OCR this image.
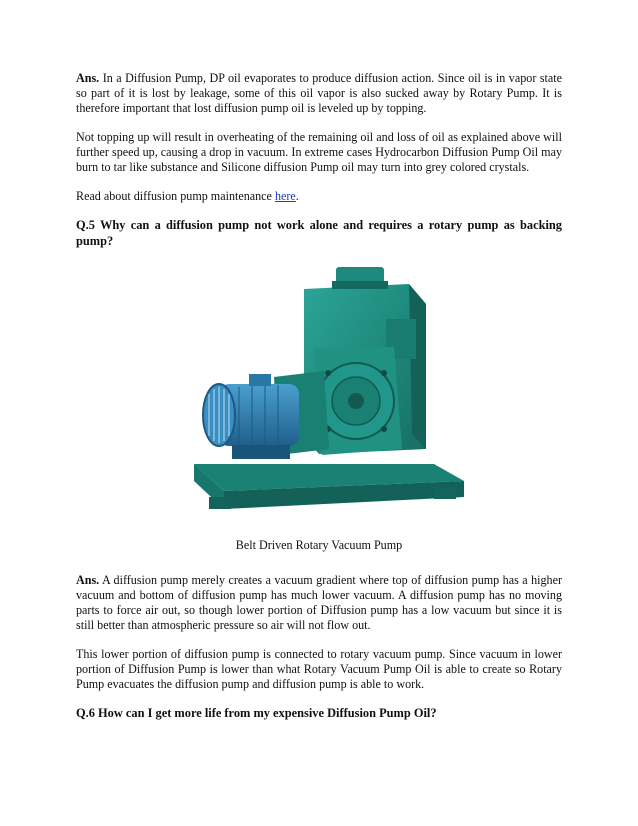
Ans. In a Diffusion Pump, DP oil evaporates to produce diffusion action. Since oil is in vapor state so part of it is lost by leakage, some of this oil vapor is also sucked away by Rotary Pump. It is therefore important that lost diffusion pump oil is leveled up by topping.

Not topping up will result in overheating of the remaining oil and loss of oil as explained above will further speed up, causing a drop in vacuum. In extreme cases Hydrocarbon Diffusion Pump Oil may burn to tar like substance and Silicone diffusion Pump oil may turn into grey colored crystals.

Read about diffusion pump maintenance here.

Q.5 Why can a diffusion pump not work alone and requires a rotary pump as backing pump?
Belt Driven Rotary Vacuum Pump

Ans. A diffusion pump merely creates a vacuum gradient where top of diffusion pump has a higher vacuum and bottom of diffusion pump has much lower vacuum. A diffusion pump has no moving parts to force air out, so though lower portion of Diffusion pump has a low vacuum but since it is still better than atmospheric pressure so air will not flow out.

This lower portion of diffusion pump is connected to rotary vacuum pump. Since vacuum in lower portion of Diffusion Pump is lower than what Rotary Vacuum Pump Oil is able to create so Rotary Pump evacuates the diffusion pump and diffusion pump is able to work.

Q.6 How can I get more life from my expensive Diffusion Pump Oil?
